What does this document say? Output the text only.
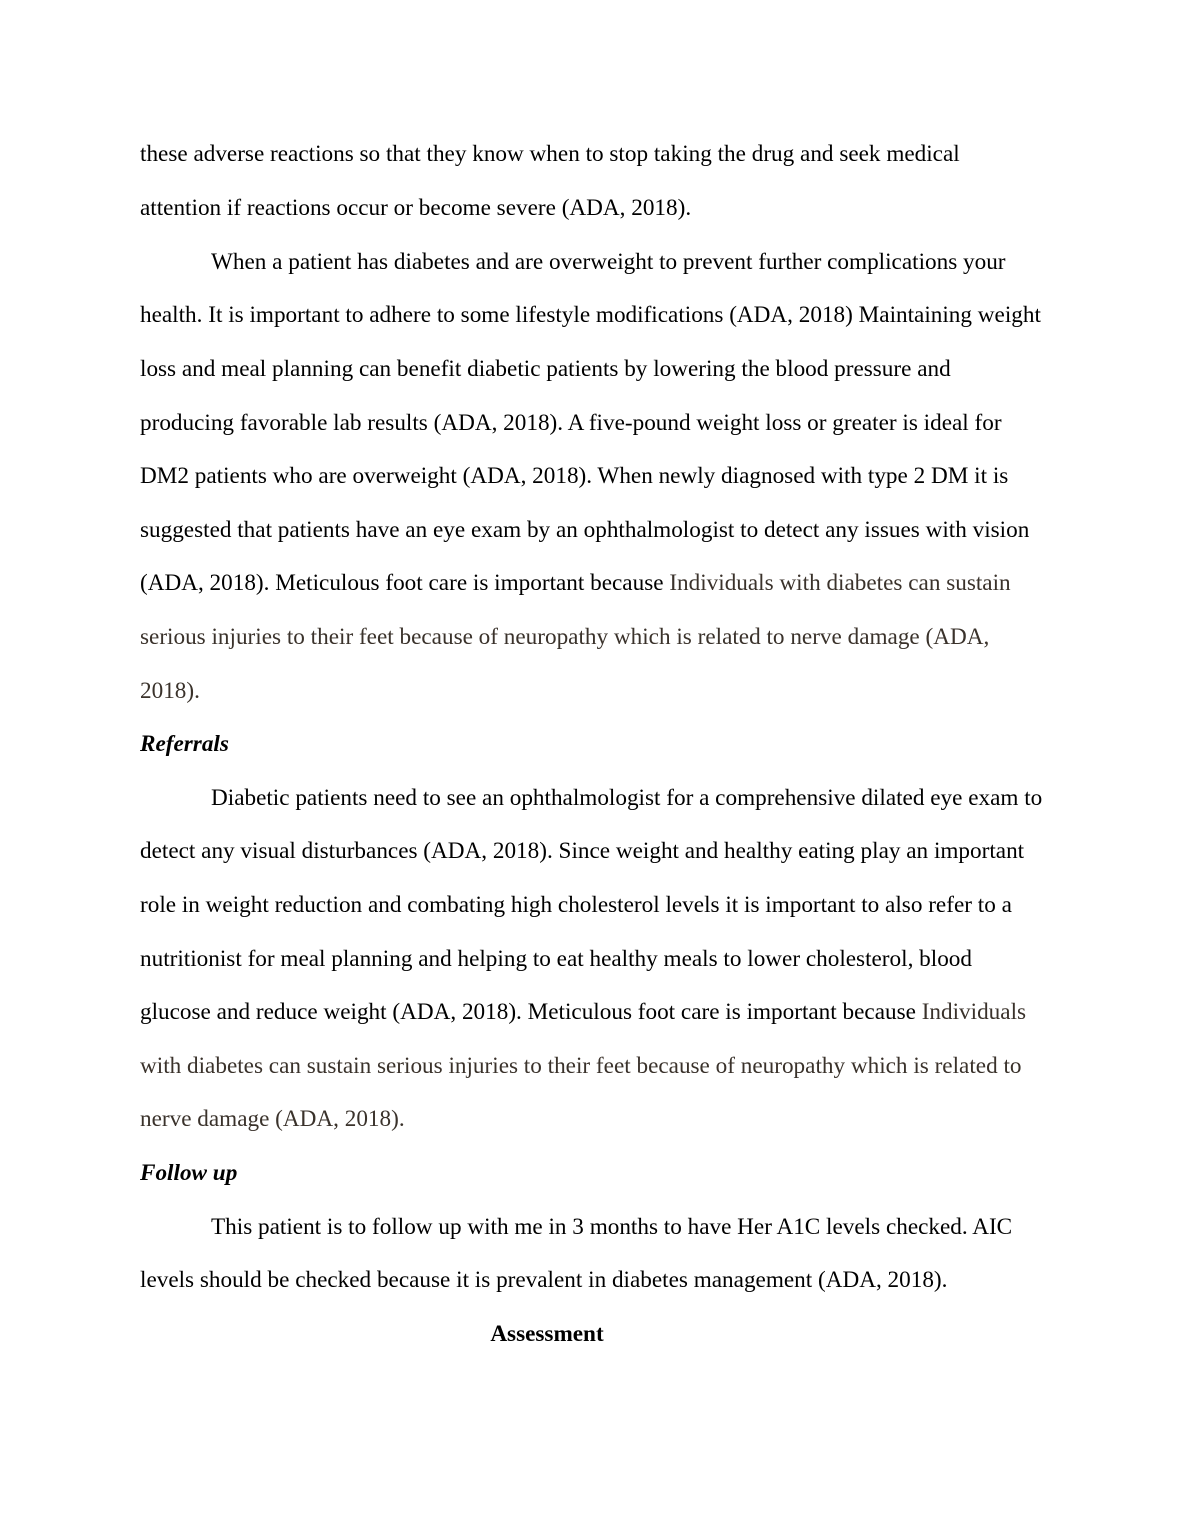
these adverse reactions so that they know when to stop taking the drug and seek medical
attention if reactions occur or become severe (ADA, 2018).
When a patient has diabetes and are overweight to prevent further complications your
health. It is important to adhere to some lifestyle modifications (ADA, 2018) Maintaining weight
loss and meal planning can benefit diabetic patients by lowering the blood pressure and
producing favorable lab results (ADA, 2018). A five-pound weight loss or greater is ideal for
DM2 patients who are overweight (ADA, 2018). When newly diagnosed with type 2 DM it is
suggested that patients have an eye exam by an ophthalmologist to detect any issues with vision
(ADA, 2018). Meticulous foot care is important because Individuals with diabetes can sustain
serious injuries to their feet because of neuropathy which is related to nerve damage (ADA,
2018).
Referrals
Diabetic patients need to see an ophthalmologist for a comprehensive dilated eye exam to
detect any visual disturbances (ADA, 2018). Since weight and healthy eating play an important
role in weight reduction and combating high cholesterol levels it is important to also refer to a
nutritionist for meal planning and helping to eat healthy meals to lower cholesterol, blood
glucose and reduce weight (ADA, 2018). Meticulous foot care is important because Individuals
with diabetes can sustain serious injuries to their feet because of neuropathy which is related to
nerve damage (ADA, 2018).
Follow up
This patient is to follow up with me in 3 months to have Her A1C levels checked. AIC
levels should be checked because it is prevalent in diabetes management (ADA, 2018).
Assessment
